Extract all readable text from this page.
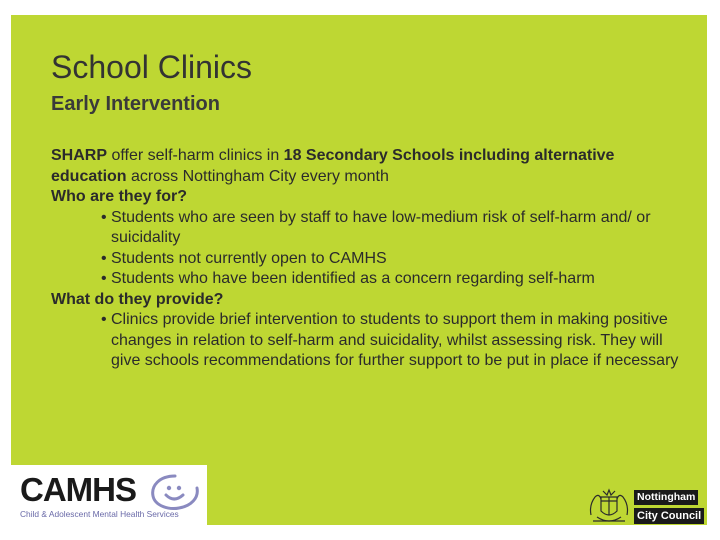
School Clinics
Early Intervention

SHARP offer self-harm clinics in 18 Secondary Schools including alternative education across Nottingham City every month

Who are they for?

• Students who are seen by staff to have low-medium risk of self-harm and/ or suicidality

• Students not currently open to CAMHS

• Students who have been identified as a concern regarding self-harm

What do they provide?

• Clinics provide brief intervention to students to support them in making positive changes in relation to self-harm and suicidality, whilst assessing risk. They will give schools recommendations for further support to be put in place if necessary

CAMHS
Child & Adolescent Mental Health Services
Nottingham
City Council
